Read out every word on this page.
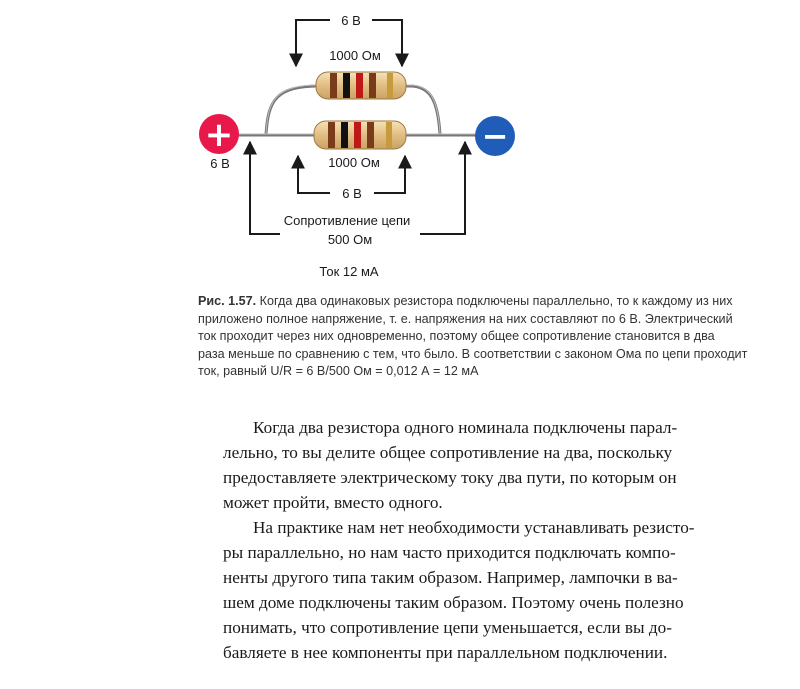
+	−
6 В
1000 Ом
1000 Ом
6 В
Сопротивление цепи
500 Ом
6 В
Ток 12 мА
Рис. 1.57. Когда два одинаковых резистора подключены параллельно, то к каждому из них
приложено полное напряжение, т. е. напряжения на них составляют по 6 В. Электрический
ток проходит через них одновременно, поэтому общее сопротивление становится в два
раза меньше по сравнению с тем, что было. В соответствии с законом Ома по цепи проходит
ток, равный U/R = 6 В/500 Ом = 0,012 А = 12 мА
Когда два резистора одного номинала подключены парал-
лельно, то вы делите общее сопротивление на два, поскольку
предоставляете электрическому току два пути, по которым он
может пройти, вместо одного.
На практике нам нет необходимости устанавливать резисто-
ры параллельно, но нам часто приходится подключать компо-
ненты другого типа таким образом. Например, лампочки в ва-
шем доме подключены таким образом. Поэтому очень полезно
понимать, что сопротивление цепи уменьшается, если вы до-
бавляете в нее компоненты при параллельном подключении.
